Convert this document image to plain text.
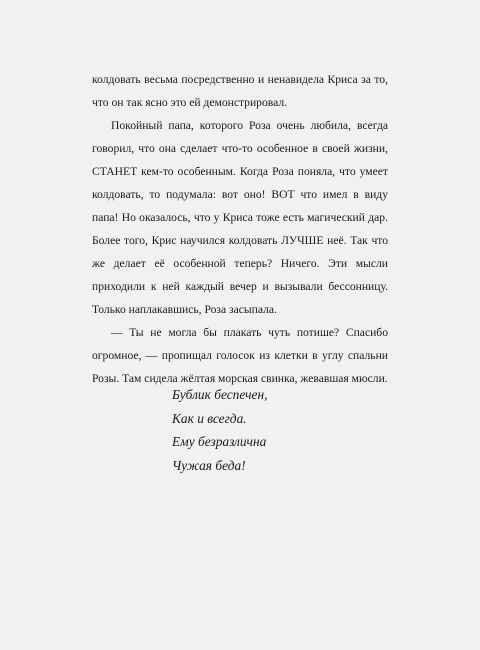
колдовать весьма посредственно и ненавидела Криса за то, что он так ясно это ей демонстрировал.

Покойный папа, которого Роза очень любила, всегда говорил, что она сделает что-то особенное в своей жизни, СТАНЕТ кем-то особенным. Когда Роза поняла, что умеет колдовать, то подумала: вот оно! ВОТ что имел в виду папа! Но оказалось, что у Криса тоже есть магический дар. Более того, Крис научился колдовать ЛУЧШЕ неё. Так что же делает её особенной теперь? Ничего. Эти мысли приходили к ней каждый вечер и вызывали бессонницу. Только наплакавшись, Роза засыпала.

— Ты не могла бы плакать чуть потише? Спасибо огромное, — пропищал голосок из клетки в углу спальни Розы. Там сидела жёлтая морская свинка, жевавшая мюсли.

Бублик беспечен,
Как и всегда.
Ему безразлична
Чужая беда!
